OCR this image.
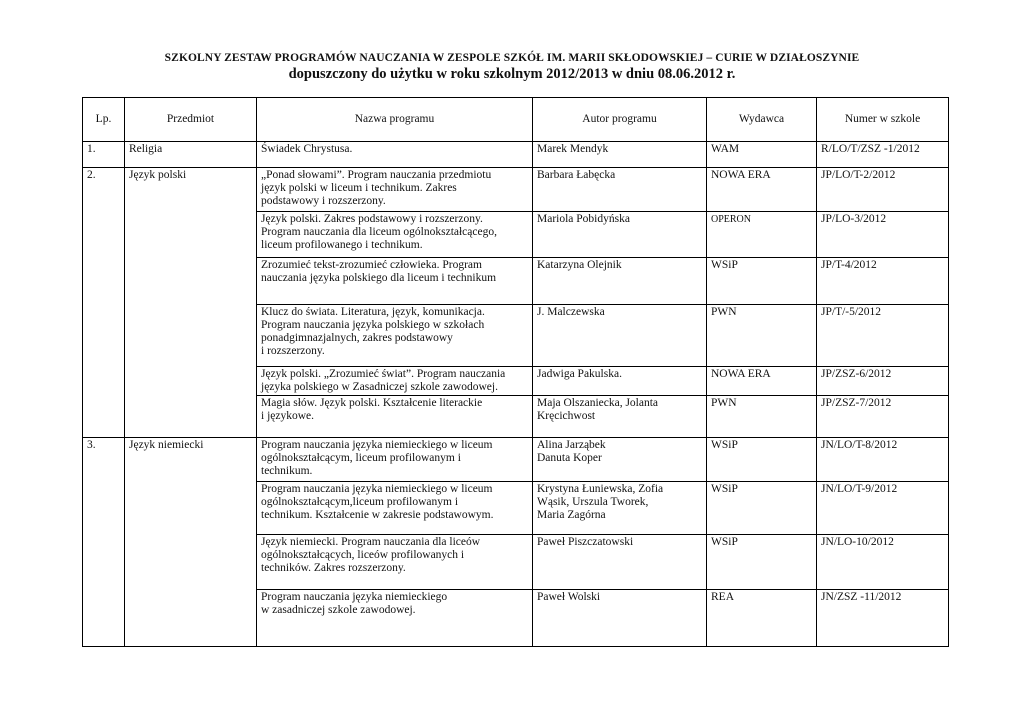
SZKOLNY ZESTAW PROGRAMÓW NAUCZANIA W ZESPOLE SZKÓŁ IM. MARII SKŁODOWSKIEJ – CURIE W DZIAŁOSZYNIE
dopuszczony do użytku w roku szkolnym 2012/2013 w dniu 08.06.2012 r.
Lp.	Przedmiot	Nazwa programu	Autor programu	Wydawca	Numer w szkole
1.	Religia	Świadek Chrystusa.	Marek Mendyk	WAM	R/LO/T/ZSZ -1/2012
2.	Język polski	„Ponad słowami”. Program nauczania przedmiotu
język polski w liceum i technikum. Zakres
podstawowy i rozszerzony.	Barbara Łabęcka	NOWA ERA	JP/LO/T-2/2012
		Język polski. Zakres podstawowy i rozszerzony.
Program nauczania dla liceum ogólnokształcącego,
liceum profilowanego i technikum.	Mariola Pobidyńska	OPERON	JP/LO-3/2012
		Zrozumieć tekst-zrozumieć człowieka. Program
nauczania języka polskiego dla liceum i technikum	Katarzyna Olejnik	WSiP	JP/T-4/2012
		Klucz do świata. Literatura, język, komunikacja.
Program nauczania języka polskiego w szkołach
ponadgimnazjalnych, zakres podstawowy
i rozszerzony.	J. Malczewska	PWN	JP/T/-5/2012
		Język polski. „Zrozumieć świat”. Program nauczania
języka polskiego w Zasadniczej szkole zawodowej.	Jadwiga Pakulska.	NOWA ERA	JP/ZSZ-6/2012
		Magia słów. Język polski. Kształcenie literackie
i językowe.	Maja Olszaniecka, Jolanta
Kręcichwost	PWN	JP/ZSZ-7/2012
3.	Język niemiecki	Program nauczania języka niemieckiego w liceum
ogólnokształcącym, liceum profilowanym i
technikum.	Alina Jarząbek
Danuta Koper	WSiP	JN/LO/T-8/2012
		Program nauczania języka niemieckiego w liceum
ogólnokształcącym,liceum profilowanym i
technikum. Kształcenie w zakresie podstawowym.	Krystyna Łuniewska, Zofia
Wąsik, Urszula Tworek,
Maria Zagórna	WSiP	JN/LO/T-9/2012
		Język niemiecki. Program nauczania dla liceów
ogólnokształcących, liceów profilowanych i
techników. Zakres rozszerzony.	Paweł Piszczatowski	WSiP	JN/LO-10/2012
		Program nauczania języka niemieckiego
w zasadniczej szkole zawodowej.	Paweł Wolski	REA	JN/ZSZ -11/2012
